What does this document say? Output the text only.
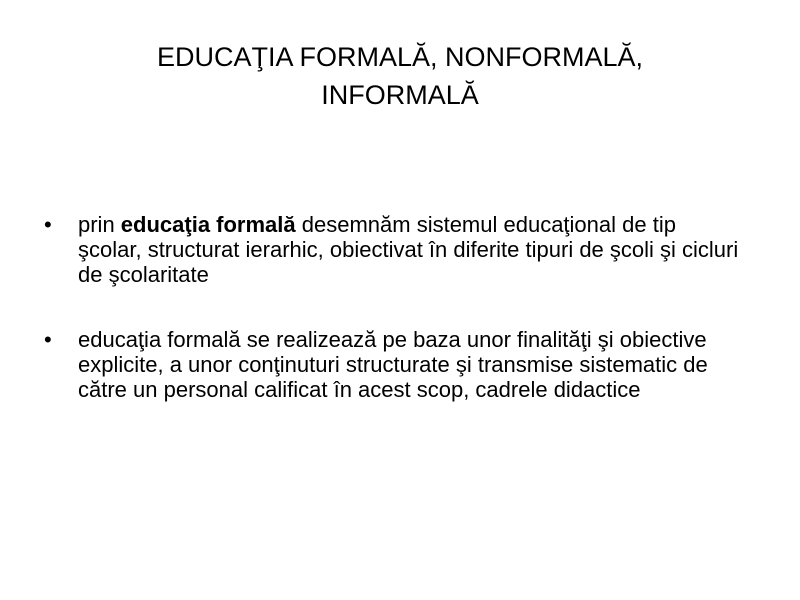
EDUCAŢIA FORMALĂ, NONFORMALĂ,
INFORMALĂ
• prin educaţia formală desemnăm sistemul educaţional de tip şcolar, structurat ierarhic, obiectivat în diferite tipuri de şcoli şi cicluri de şcolaritate
• educaţia formală se realizează pe baza unor finalităţi şi obiective explicite, a unor conţinuturi structurate şi transmise sistematic de către un personal calificat în acest scop, cadrele didactice
